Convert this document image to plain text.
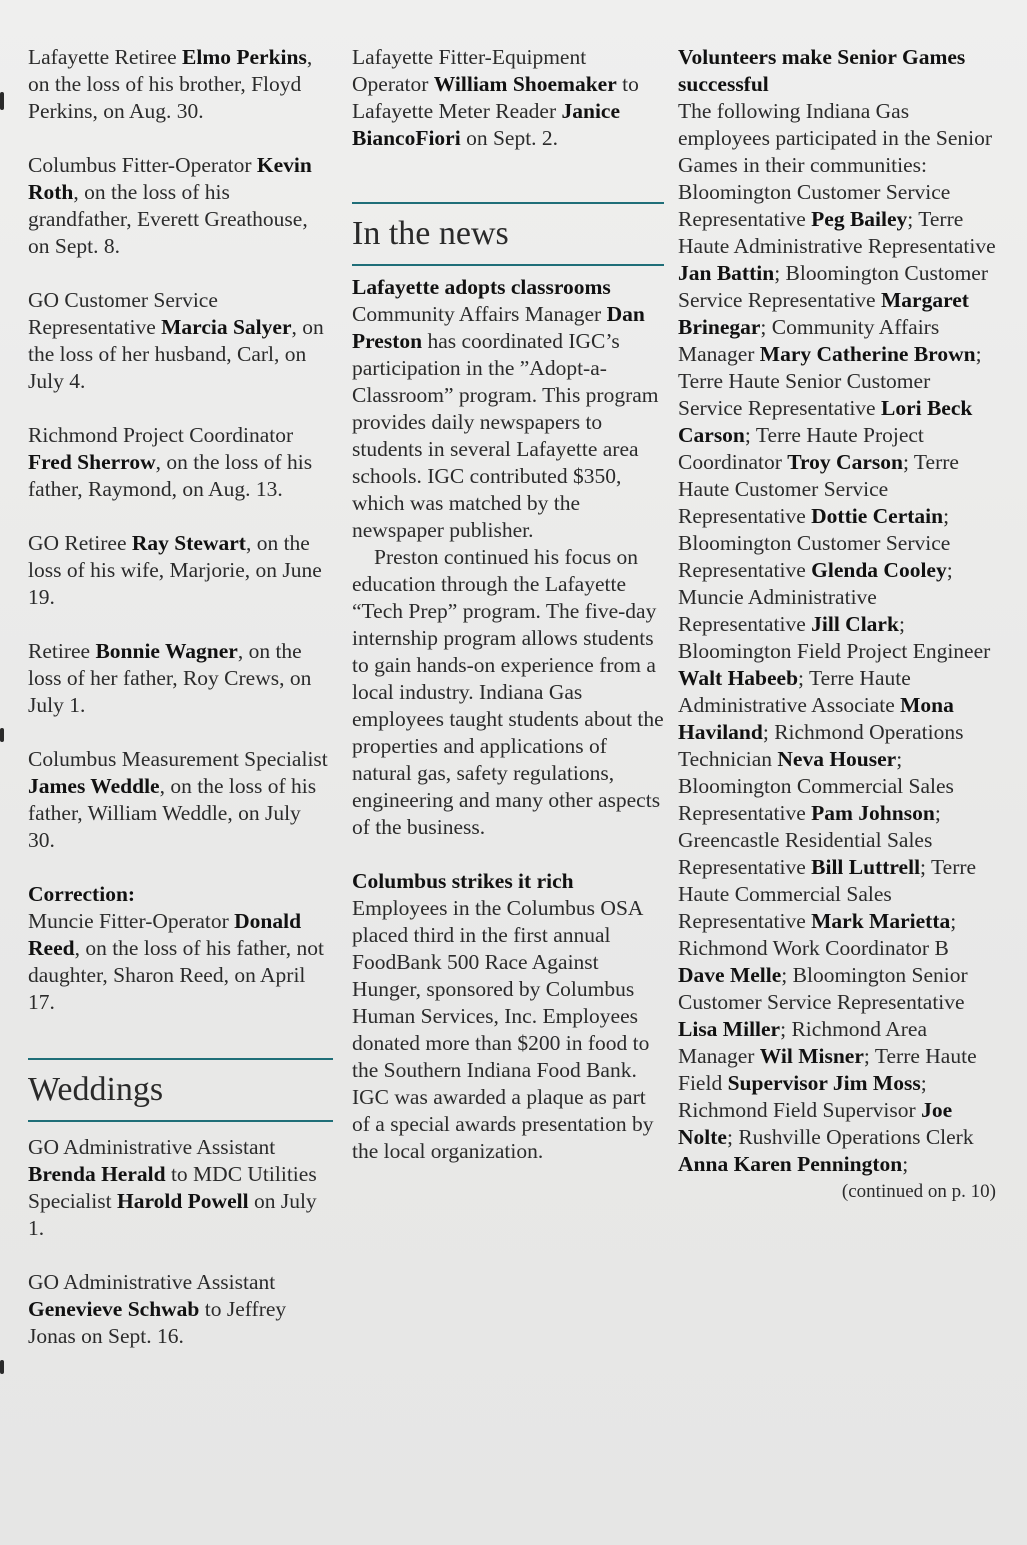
Lafayette Retiree Elmo Perkins, on the loss of his brother, Floyd Perkins, on Aug. 30.

Columbus Fitter-Operator Kevin Roth, on the loss of his grandfather, Everett Greathouse, on Sept. 8.

GO Customer Service Representative Marcia Salyer, on the loss of her husband, Carl, on July 4.

Richmond Project Coordinator Fred Sherrow, on the loss of his father, Raymond, on Aug. 13.

GO Retiree Ray Stewart, on the loss of his wife, Marjorie, on June 19.

Retiree Bonnie Wagner, on the loss of her father, Roy Crews, on July 1.

Columbus Measurement Specialist James Weddle, on the loss of his father, William Weddle, on July 30.

Correction:
Muncie Fitter-Operator Donald Reed, on the loss of his father, not daughter, Sharon Reed, on April 17.

Weddings

GO Administrative Assistant Brenda Herald to MDC Utilities Specialist Harold Powell on July 1.

GO Administrative Assistant Genevieve Schwab to Jeffrey Jonas on Sept. 16.

Lafayette Fitter-Equipment Operator William Shoemaker to Lafayette Meter Reader Janice BiancoFiori on Sept. 2.

In the news
Lafayette adopts classrooms
Community Affairs Manager Dan Preston has coordinated IGC’s participation in the ”Adopt-a-Classroom” program. This program provides daily newspapers to students in several Lafayette area schools. IGC contributed $350, which was matched by the newspaper publisher.
Preston continued his focus on education through the Lafayette “Tech Prep” program. The five-day internship program allows students to gain hands-on experience from a local industry. Indiana Gas employees taught students about the properties and applications of natural gas, safety regulations, engineering and many other aspects of the business.
Columbus strikes it rich
Employees in the Columbus OSA placed third in the first annual FoodBank 500 Race Against Hunger, sponsored by Columbus Human Services, Inc. Employees donated more than $200 in food to the Southern Indiana Food Bank. IGC was awarded a plaque as part of a special awards presentation by the local organization.
Volunteers make Senior Games successful
The following Indiana Gas employees participated in the Senior Games in their communities: Bloomington Customer Service Representative Peg Bailey; Terre Haute Administrative Representative Jan Battin; Bloomington Customer Service Representative Margaret Brinegar; Community Affairs Manager Mary Catherine Brown; Terre Haute Senior Customer Service Representative Lori Beck Carson; Terre Haute Project Coordinator Troy Carson; Terre Haute Customer Service Representative Dottie Certain; Bloomington Customer Service Representative Glenda Cooley; Muncie Administrative Representative Jill Clark; Bloomington Field Project Engineer Walt Habeeb; Terre Haute Administrative Associate Mona Haviland; Richmond Operations Technician Neva Houser; Bloomington Commercial Sales Representative Pam Johnson; Greencastle Residential Sales Representative Bill Luttrell; Terre Haute Commercial Sales Representative Mark Marietta; Richmond Work Coordinator B Dave Melle; Bloomington Senior Customer Service Representative Lisa Miller; Richmond Area Manager Wil Misner; Terre Haute Field Supervisor Jim Moss; Richmond Field Supervisor Joe Nolte; Rushville Operations Clerk Anna Karen Pennington;
(continued on p. 10)
